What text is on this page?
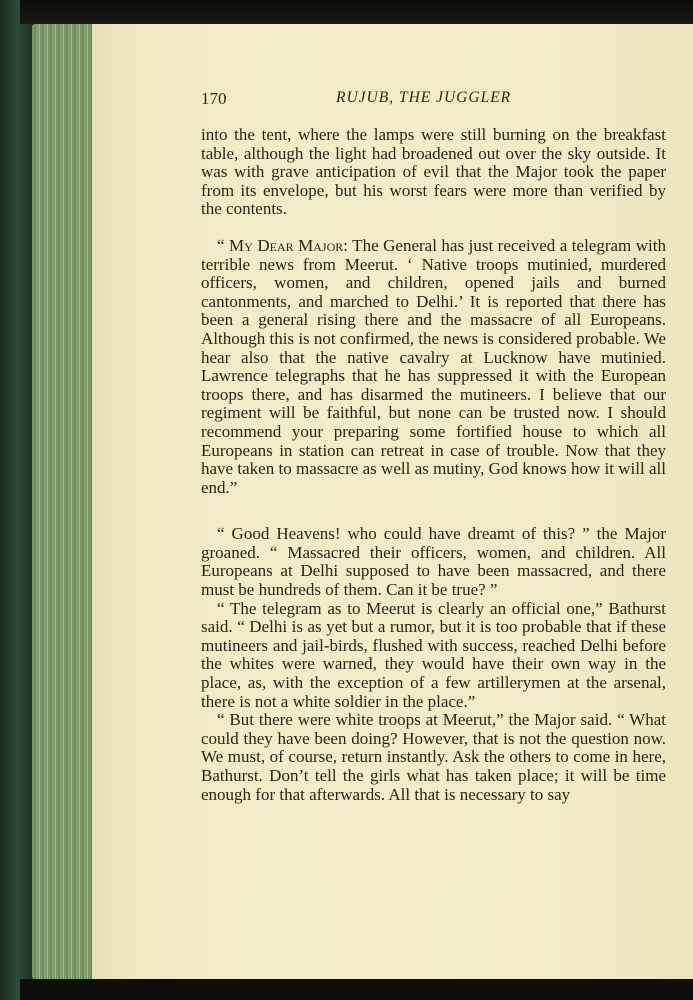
170	RUJUB, THE JUGGLER

into the tent, where the lamps were still burning on the breakfast table, although the light had broadened out over the sky outside. It was with grave anticipation of evil that the Major took the paper from its envelope, but his worst fears were more than verified by the contents.

“ My Dear Major: The General has just received a telegram with terrible news from Meerut. ‘ Native troops mutinied, murdered officers, women, and children, opened jails and burned cantonments, and marched to Delhi.’ It is reported that there has been a general rising there and the massacre of all Europeans. Although this is not confirmed, the news is considered probable. We hear also that the native cavalry at Lucknow have mutinied. Lawrence telegraphs that he has suppressed it with the European troops there, and has disarmed the mutineers. I believe that our regiment will be faithful, but none can be trusted now. I should recommend your preparing some fortified house to which all Europeans in station can retreat in case of trouble. Now that they have taken to massacre as well as mutiny, God knows how it will all end.”

“ Good Heavens! who could have dreamt of this? ” the Major groaned. “ Massacred their officers, women, and children. All Europeans at Delhi supposed to have been massacred, and there must be hundreds of them. Can it be true? ”

“ The telegram as to Meerut is clearly an official one,” Bathurst said. “ Delhi is as yet but a rumor, but it is too probable that if these mutineers and jail-birds, flushed with success, reached Delhi before the whites were warned, they would have their own way in the place, as, with the exception of a few artillerymen at the arsenal, there is not a white soldier in the place.”

“ But there were white troops at Meerut,” the Major said. “ What could they have been doing? However, that is not the question now. We must, of course, return instantly. Ask the others to come in here, Bathurst. Don’t tell the girls what has taken place; it will be time enough for that afterwards. All that is necessary to say
